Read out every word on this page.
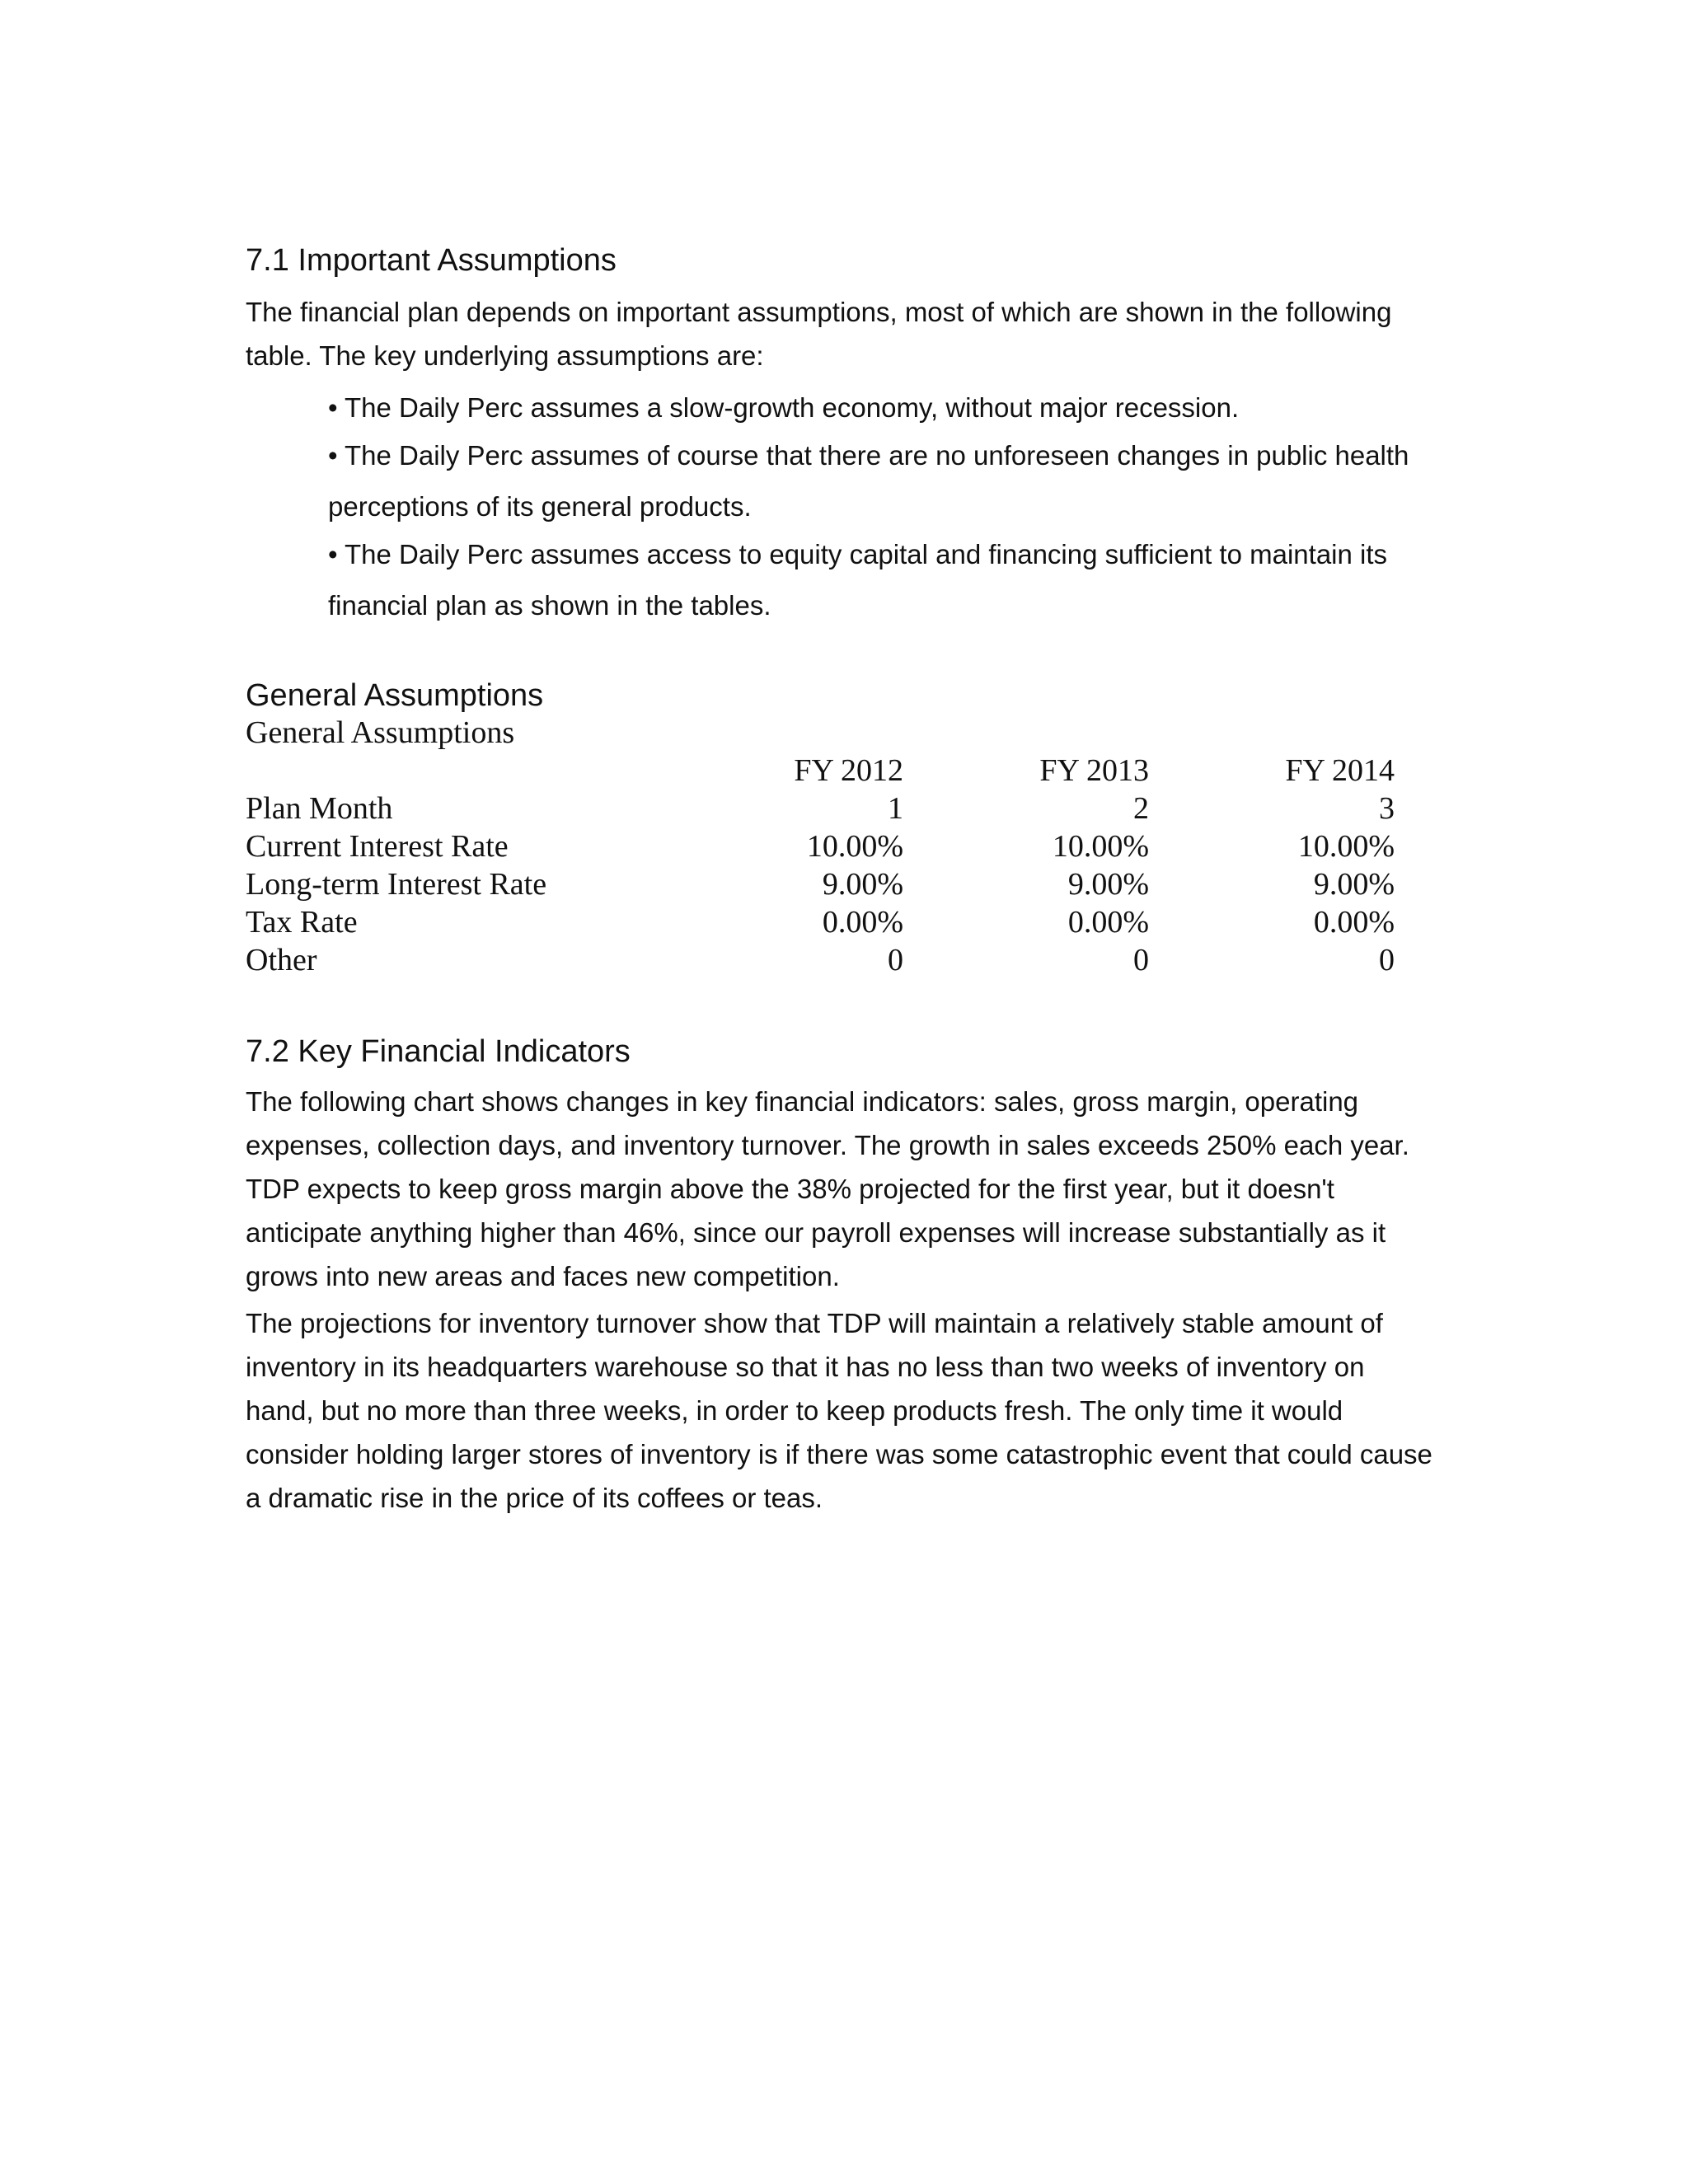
7.1 Important Assumptions

The financial plan depends on important assumptions, most of which are shown in the following table. The key underlying assumptions are:

• The Daily Perc assumes a slow-growth economy, without major recession.
• The Daily Perc assumes of course that there are no unforeseen changes in public health perceptions of its general products.
• The Daily Perc assumes access to equity capital and financing sufficient to maintain its financial plan as shown in the tables.
General Assumptions
General Assumptions
	FY 2012	FY 2013	FY 2014
Plan Month	1	2	3
Current Interest Rate	10.00%	10.00%	10.00%
Long-term Interest Rate	9.00%	9.00%	9.00%
Tax Rate	0.00%	0.00%	0.00%
Other	0	0	0
7.2 Key Financial Indicators

The following chart shows changes in key financial indicators: sales, gross margin, operating expenses, collection days, and inventory turnover. The growth in sales exceeds 250% each year. TDP expects to keep gross margin above the 38% projected for the first year, but it doesn't anticipate anything higher than 46%, since our payroll expenses will increase substantially as it grows into new areas and faces new competition.

The projections for inventory turnover show that TDP will maintain a relatively stable amount of inventory in its headquarters warehouse so that it has no less than two weeks of inventory on hand, but no more than three weeks, in order to keep products fresh. The only time it would consider holding larger stores of inventory is if there was some catastrophic event that could cause a dramatic rise in the price of its coffees or teas.
